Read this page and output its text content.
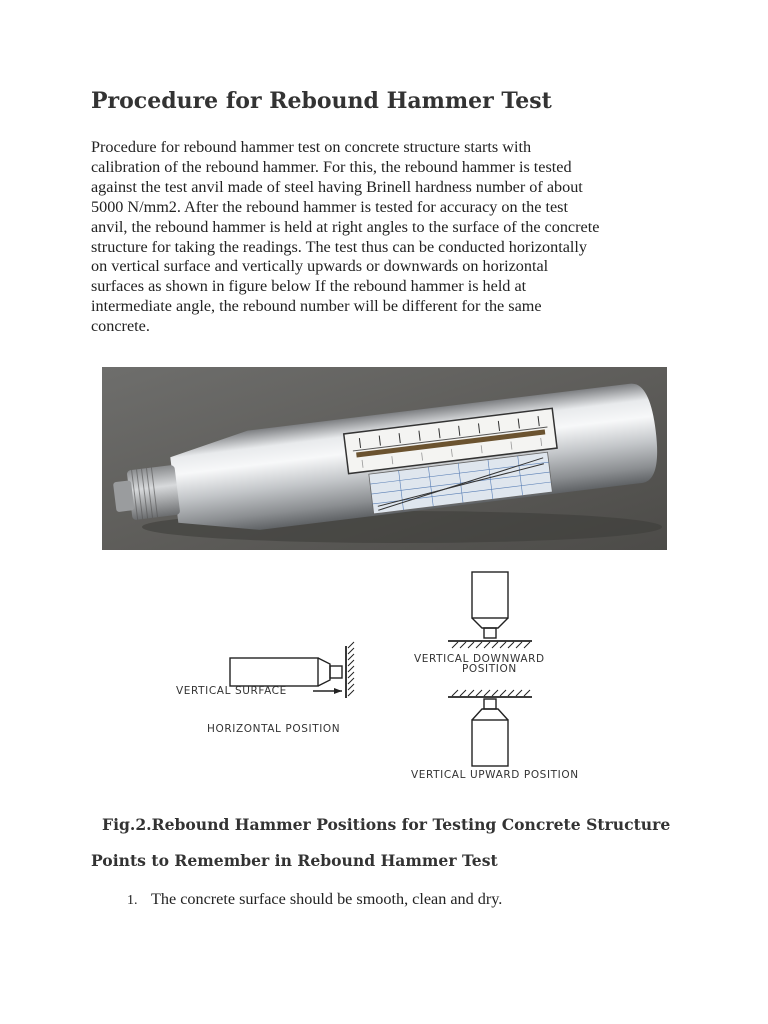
Procedure for Rebound Hammer Test

Procedure for rebound hammer test on concrete structure starts with
calibration of the rebound hammer. For this, the rebound hammer is tested
against the test anvil made of steel having Brinell hardness number of about
5000 N/mm2. After the rebound hammer is tested for accuracy on the test
anvil, the rebound hammer is held at right angles to the surface of the concrete
structure for taking the readings. The test thus can be conducted horizontally
on vertical surface and vertically upwards or downwards on horizontal
surfaces as shown in figure below If the rebound hammer is held at
intermediate angle, the rebound number will be different for the same
concrete.

VERTICAL SURFACE
HORIZONTAL POSITION
VERTICAL DOWNWARD
POSITION
VERTICAL UPWARD POSITION

Fig.2.Rebound Hammer Positions for Testing Concrete Structure

Points to Remember in Rebound Hammer Test
1. The concrete surface should be smooth, clean and dry.
